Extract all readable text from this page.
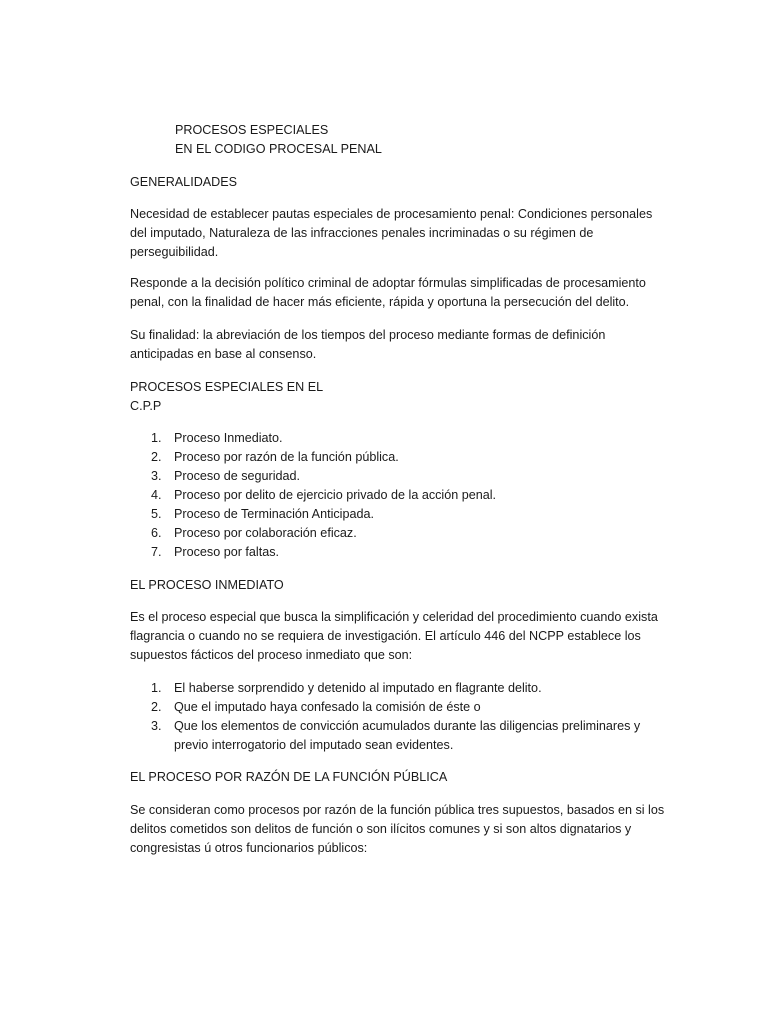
PROCESOS ESPECIALES
EN EL CODIGO PROCESAL PENAL

GENERALIDADES

Necesidad de establecer pautas especiales de procesamiento penal: Condiciones personales del imputado, Naturaleza de las infracciones penales incriminadas o su régimen de perseguibilidad.

Responde a la decisión político criminal de adoptar fórmulas simplificadas de procesamiento penal, con la finalidad de hacer más eficiente, rápida y oportuna la persecución del delito.

Su finalidad: la abreviación de los tiempos del proceso mediante formas de definición anticipadas en base al consenso.

PROCESOS ESPECIALES EN EL
C.P.P
1. Proceso Inmediato.
2. Proceso por razón de la función pública.
3. Proceso de seguridad.
4. Proceso por delito de ejercicio privado de la acción penal.
5. Proceso de Terminación Anticipada.
6. Proceso por colaboración eficaz.
7. Proceso por faltas.

EL PROCESO INMEDIATO

Es el proceso especial que busca la simplificación y celeridad del procedimiento cuando exista flagrancia o cuando no se requiera de investigación. El artículo 446 del NCPP establece los supuestos fácticos del proceso inmediato que son:

1. El haberse sorprendido y detenido al imputado en flagrante delito.
2. Que el imputado haya confesado la comisión de éste o
3. Que los elementos de convicción acumulados durante las diligencias preliminares y previo interrogatorio del imputado sean evidentes.

EL PROCESO POR RAZÓN DE LA FUNCIÓN PÚBLICA

Se consideran como procesos por razón de la función pública tres supuestos, basados en si los delitos cometidos son delitos de función o son ilícitos comunes y si son altos dignatarios y congresistas ú otros funcionarios públicos:
